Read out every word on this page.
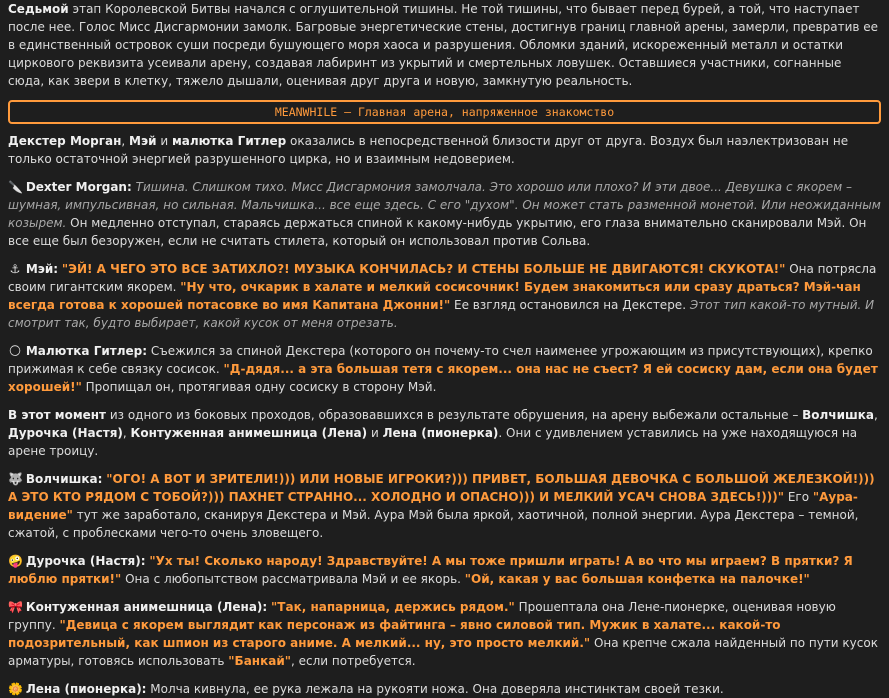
Седьмой этап Королевской Битвы начался с оглушительной тишины. Не той тишины, что бывает перед бурей, а той, что наступает после нее. Голос Мисс Дисгармонии замолк. Багровые энергетические стены, достигнув границ главной арены, замерли, превратив ее в единственный островок суши посреди бушующего моря хаоса и разрушения. Обломки зданий, искореженный металл и остатки циркового реквизита усеивали арену, создавая лабиринт из укрытий и смертельных ловушек. Оставшиеся участники, согнанные сюда, как звери в клетку, тяжело дышали, оценивая друг друга и новую, замкнутую реальность.

MEANWHILE – Главная арена, напряженное знакомство

Декстер Морган, Мэй и малютка Гитлер оказались в непосредственной близости друг от друга. Воздух был наэлектризован не только остаточной энергией разрушенного цирка, но и взаимным недоверием.

🔪 Dexter Morgan: Тишина. Слишком тихо. Мисс Дисгармония замолчала. Это хорошо или плохо? И эти двое... Девушка с якорем – шумная, импульсивная, но сильная. Мальчишка... все еще здесь. С его "духом". Он может стать разменной монетой. Или неожиданным козырем. Он медленно отступал, стараясь держаться спиной к какому-нибудь укрытию, его глаза внимательно сканировали Мэй. Он все еще был безоружен, если не считать стилета, который он использовал против Сольва.

⚓ Мэй: "ЭЙ! А ЧЕГО ЭТО ВСЕ ЗАТИХЛО?! МУЗЫКА КОНЧИЛАСЬ? И СТЕНЫ БОЛЬШЕ НЕ ДВИГАЮТСЯ! СКУКОТА!" Она потрясла своим гигантским якорем. "Ну что, очкарик в халате и мелкий сосисочник! Будем знакомиться или сразу драться? Мэй-чан всегда готова к хорошей потасовке во имя Капитана Джонни!" Ее взгляд остановился на Декстере. Этот тип какой-то мутный. И смотрит так, будто выбирает, какой кусок от меня отрезать.

🌕 Малютка Гитлер: Съежился за спиной Декстера (которого он почему-то счел наименее угрожающим из присутствующих), крепко прижимая к себе связку сосисок. "Д-дядя... а эта большая тетя с якорем... она нас не съест? Я ей сосиску дам, если она будет хорошей!" Пропищал он, протягивая одну сосиску в сторону Мэй.

В этот момент из одного из боковых проходов, образовавшихся в результате обрушения, на арену выбежали остальные – Волчишка, Дурочка (Настя), Контуженная анимешница (Лена) и Лена (пионерка). Они с удивлением уставились на уже находящуюся на арене троицу.

🐺 Волчишка: "ОГО! А ВОТ И ЗРИТЕЛИ!))) ИЛИ НОВЫЕ ИГРОКИ?))) ПРИВЕТ, БОЛЬШАЯ ДЕВОЧКА С БОЛЬШОЙ ЖЕЛЕЗКОЙ!))) А ЭТО КТО РЯДОМ С ТОБОЙ?))) ПАХНЕТ СТРАННО... ХОЛОДНО И ОПАСНО))) И МЕЛКИЙ УСАЧ СНОВА ЗДЕСЬ!)))" Его "Аура-видение" тут же заработало, сканируя Декстера и Мэй. Аура Мэй была яркой, хаотичной, полной энергии. Аура Декстера – темной, сжатой, с проблесками чего-то очень зловещего.

🤪 Дурочка (Настя): "Ух ты! Сколько народу! Здравствуйте! А мы тоже пришли играть! А во что мы играем? В прятки? Я люблю прятки!" Она с любопытством рассматривала Мэй и ее якорь. "Ой, какая у вас большая конфетка на палочке!"

🎀 Контуженная анимешница (Лена): "Так, напарница, держись рядом." Прошептала она Лене-пионерке, оценивая новую группу. "Девица с якорем выглядит как персонаж из файтинга – явно силовой тип. Мужик в халате... какой-то подозрительный, как шпион из старого аниме. А мелкий... ну, это просто мелкий." Она крепче сжала найденный по пути кусок арматуры, готовясь использовать "Банкай", если потребуется.

🌼 Лена (пионерка): Молча кивнула, ее рука лежала на рукояти ножа. Она доверяла инстинктам своей тезки.
